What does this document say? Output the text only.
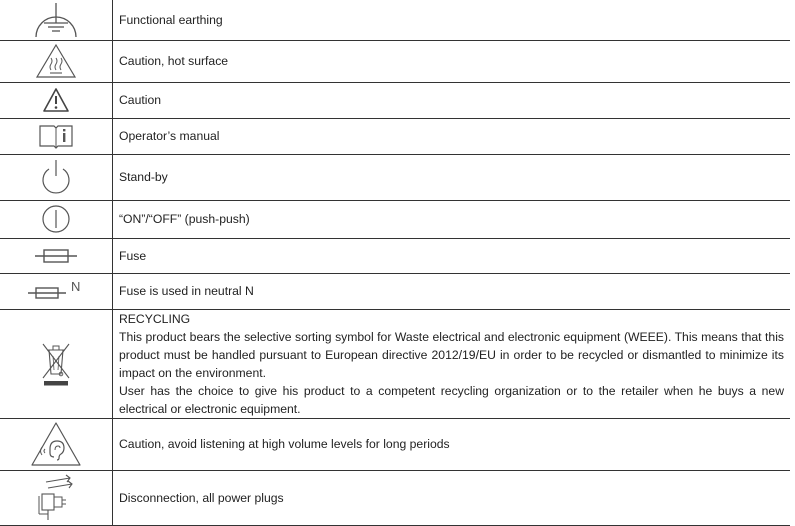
	Functional earthing

	Caution, hot surface

	Caution

	Operator’s manual

	Stand-by

	“ON”/“OFF” (push-push)

	Fuse

N	Fuse is used in neutral N

RECYCLING
This product bears the selective sorting symbol for Waste electrical and electronic equipment (WEEE). This means that this product must be handled pursuant to European directive 2012/19/EU in order to be recycled or dismantled to minimize its impact on the environment.
User has the choice to give his product to a competent recycling organization or to the retailer when he buys a new electrical or electronic equipment.

	Caution, avoid listening at high volume levels for long periods

	Disconnection, all power plugs
